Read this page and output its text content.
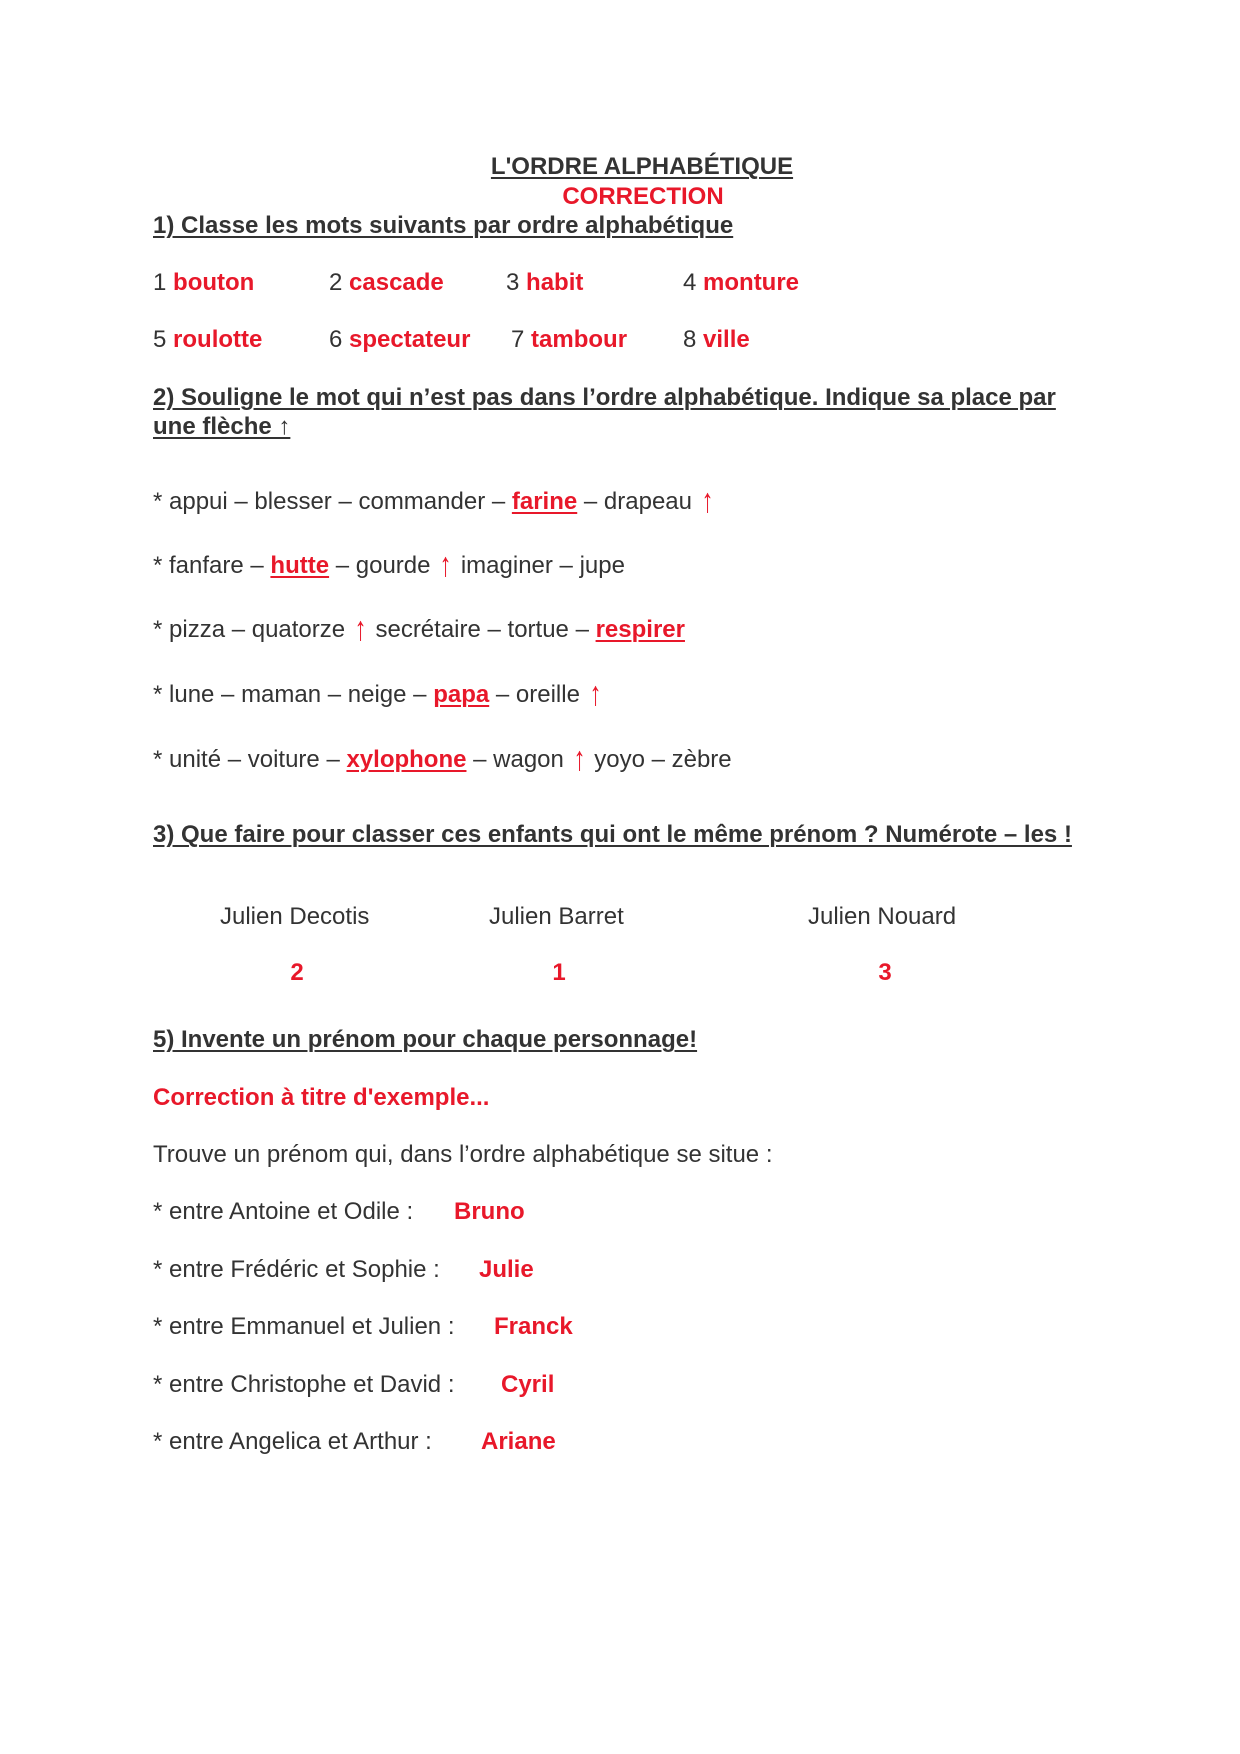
L'ORDRE ALPHABÉTIQUE
CORRECTION
1) Classe les mots suivants par ordre alphabétique
1 bouton	2 cascade	3 habit	4 monture
5 roulotte	6 spectateur 7 tambour 8 ville
2) Souligne le mot qui n’est pas dans l’ordre alphabétique. Indique sa place par
une flèche ↑
* appui – blesser – commander – farine – drapeau ↑
* fanfare – hutte – gourde ↑ imaginer – jupe
* pizza – quatorze ↑ secrétaire – tortue – respirer
* lune – maman – neige – papa – oreille ↑
* unité – voiture – xylophone – wagon ↑ yoyo – zèbre
3) Que faire pour classer ces enfants qui ont le même prénom ? Numérote – les !
Julien Decotis	Julien Barret	Julien Nouard
2	1	3
5) Invente un prénom pour chaque personnage!
Correction à titre d'exemple...
Trouve un prénom qui, dans l’ordre alphabétique se situe :
* entre Antoine et Odile : Bruno
* entre Frédéric et Sophie : Julie
* entre Emmanuel et Julien : Franck
* entre Christophe et David : Cyril
* entre Angelica et Arthur : Ariane
